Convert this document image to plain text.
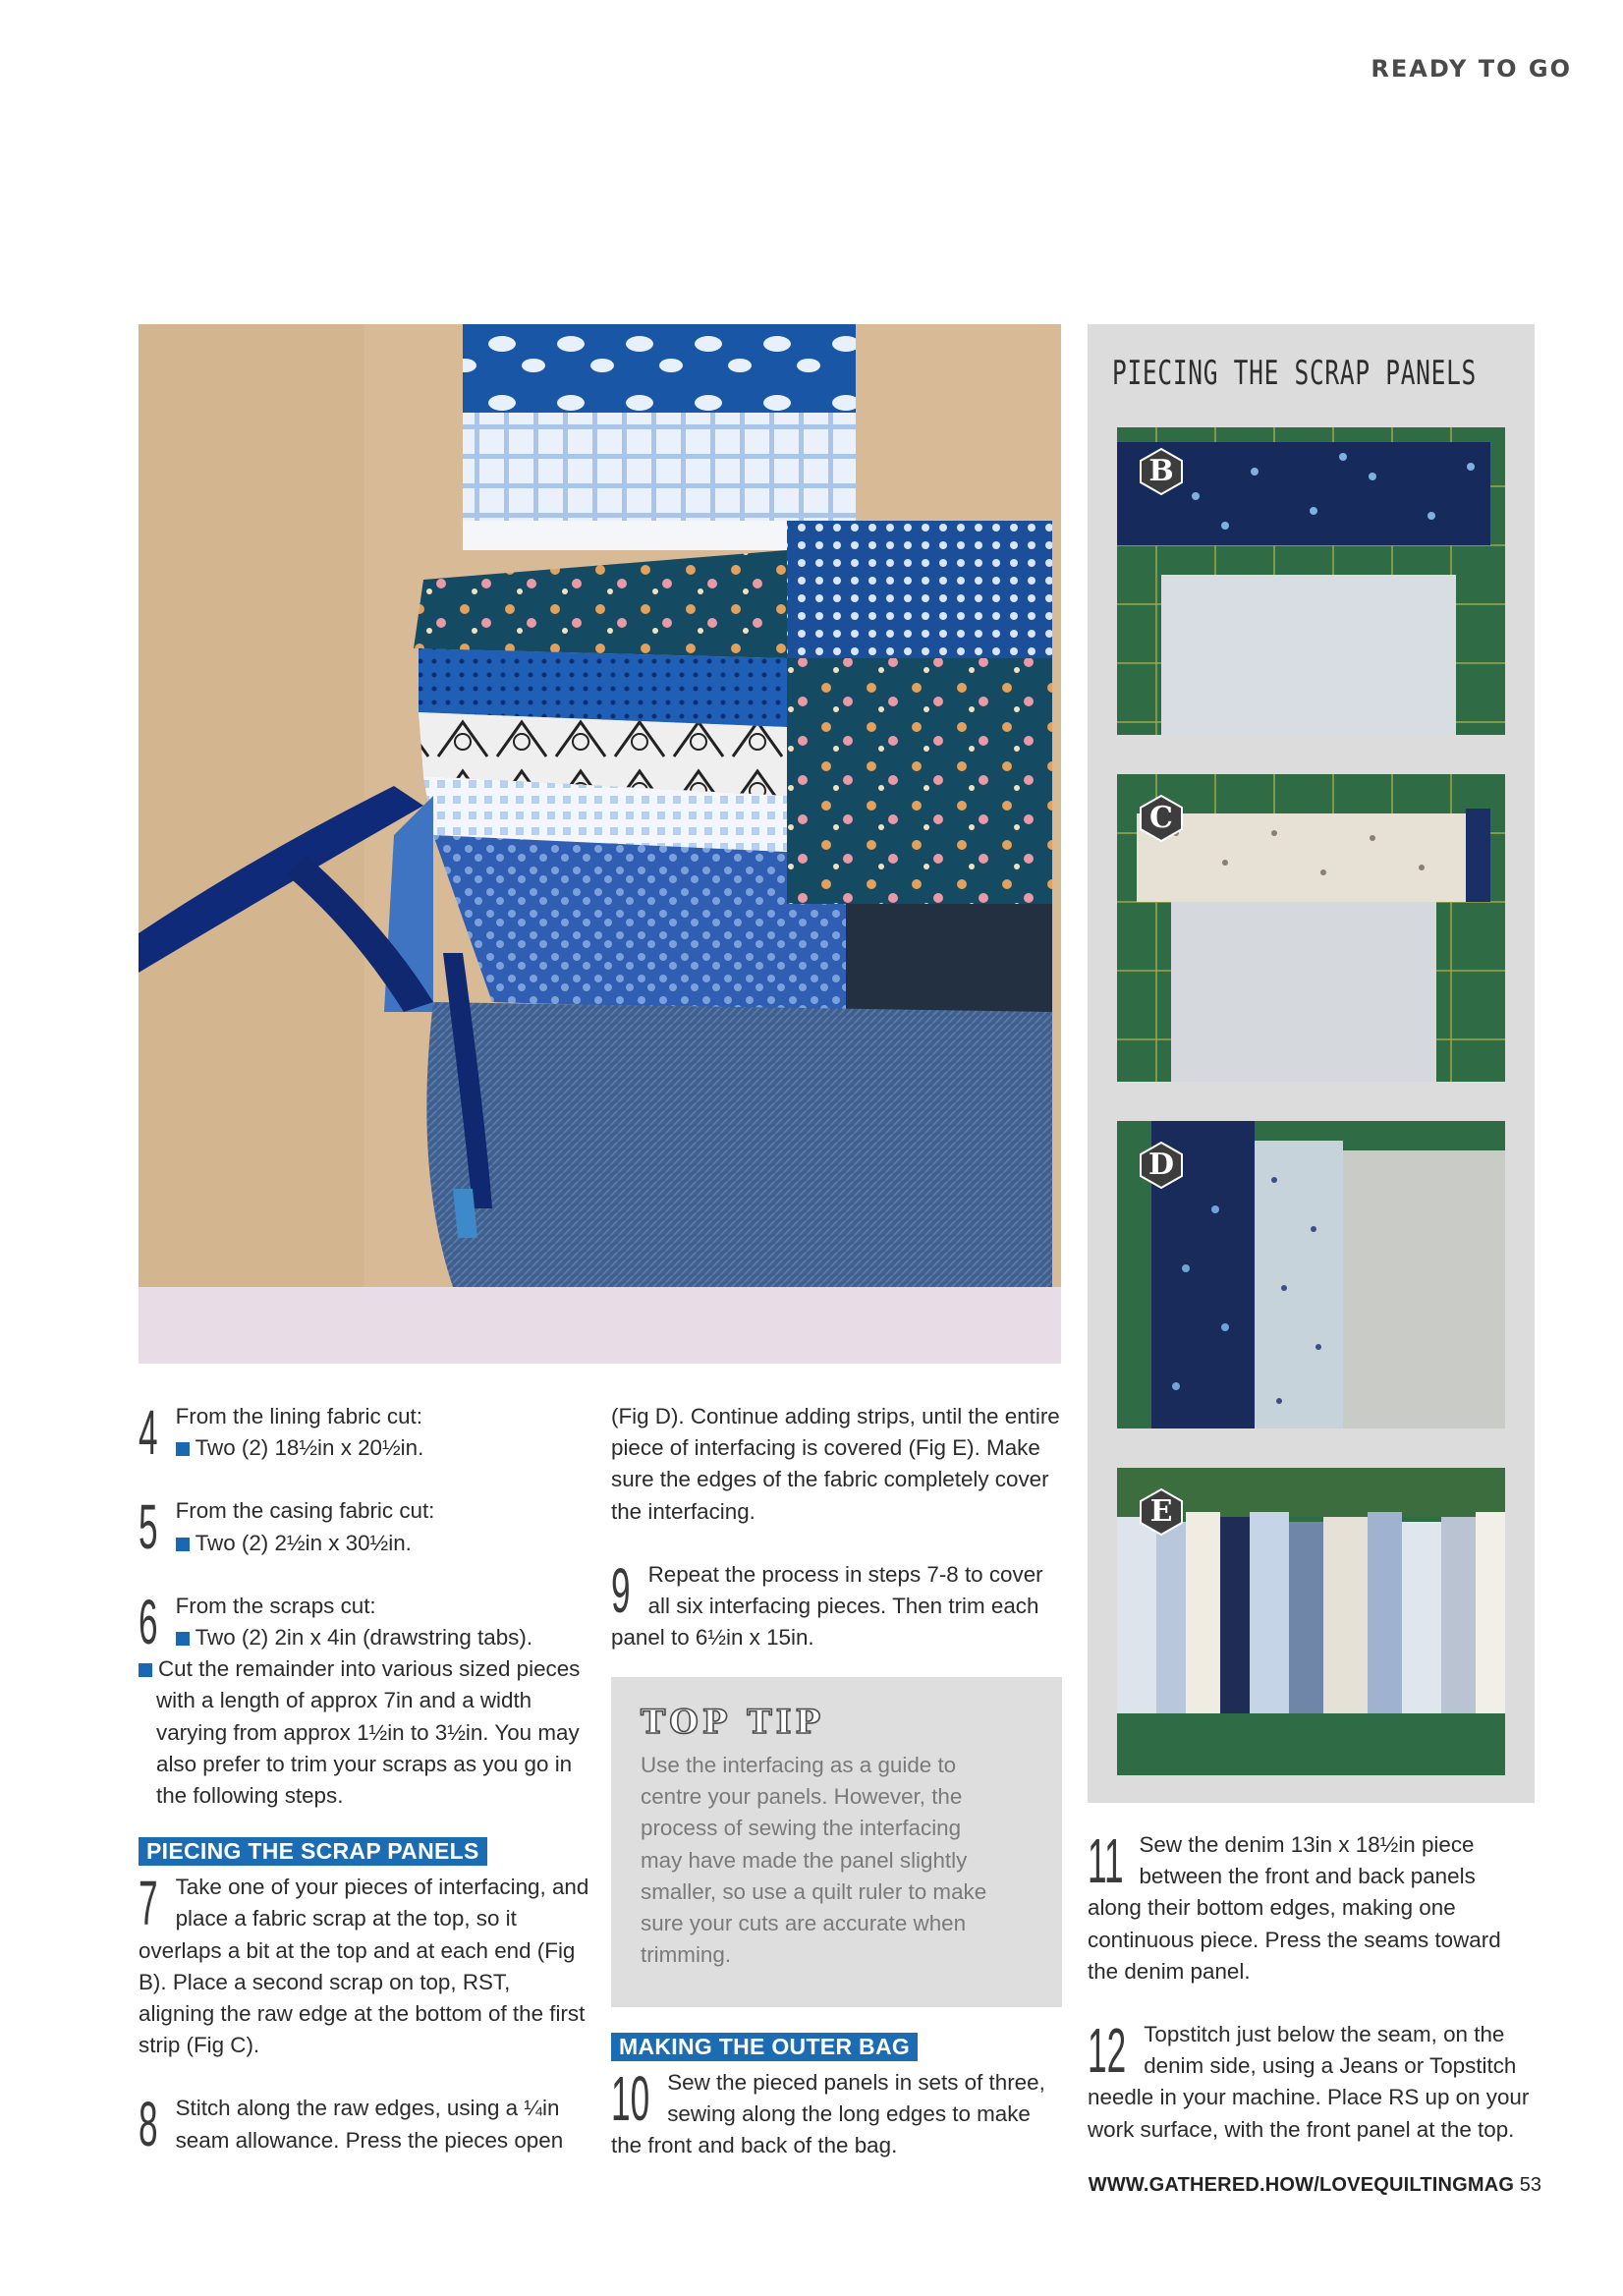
READY TO GO
PIECING THE SCRAP PANELS
B
C
D
E
4 From the lining fabric cut:

Two (2) 18½in x 20½in.

5 From the casing fabric cut:

Two (2) 2½in x 30½in.

6 From the scraps cut:

Two (2) 2in x 4in (drawstring tabs).

Cut the remainder into various sized pieces with a length of approx 7in and a width varying from approx 1½in to 3½in. You may also prefer to trim your scraps as you go in the following steps.

PIECING THE SCRAP PANELS
7 Take one of your pieces of interfacing, and place a fabric scrap at the top, so it overlaps a bit at the top and at each end (Fig B). Place a second scrap on top, RST, aligning the raw edge at the bottom of the first strip (Fig C).

8 Stitch along the raw edges, using a ¼in seam allowance. Press the pieces open

(Fig D). Continue adding strips, until the entire piece of interfacing is covered (Fig E). Make sure the edges of the fabric completely cover the interfacing.

9 Repeat the process in steps 7-8 to cover all six interfacing pieces. Then trim each panel to 6½in x 15in.

TOP TIP
Use the interfacing as a guide to centre your panels. However, the process of sewing the interfacing may have made the panel slightly smaller, so use a quilt ruler to make sure your cuts are accurate when trimming.
MAKING THE OUTER BAG
10 Sew the pieced panels in sets of three, sewing along the long edges to make the front and back of the bag.

11 Sew the denim 13in x 18½in piece between the front and back panels along their bottom edges, making one continuous piece. Press the seams toward the denim panel.

12 Topstitch just below the seam, on the denim side, using a Jeans or Topstitch needle in your machine. Place RS up on your work surface, with the front panel at the top.

WWW.GATHERED.HOW/LOVEQUILTINGMAG 53
